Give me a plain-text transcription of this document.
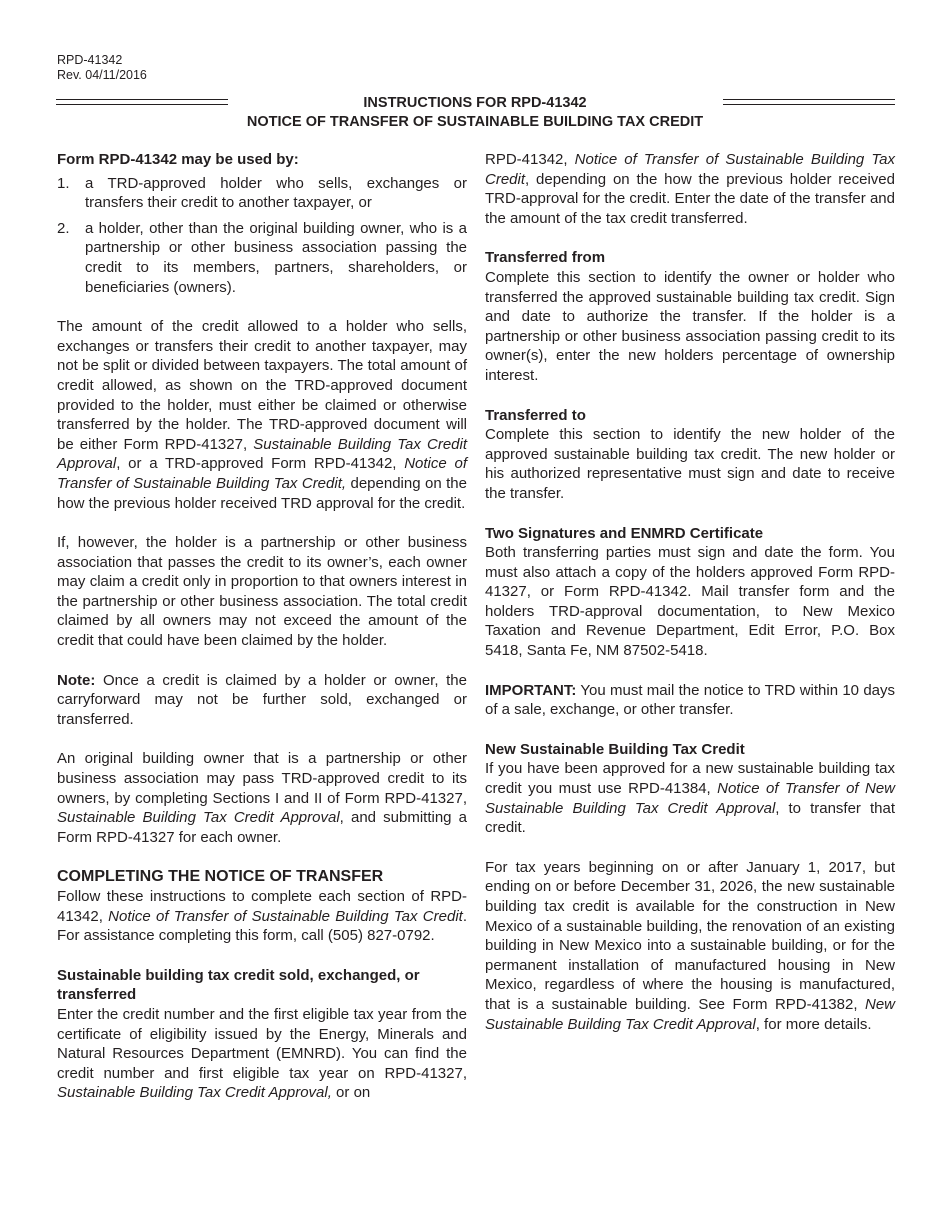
RPD-41342
Rev. 04/11/2016
INSTRUCTIONS FOR RPD-41342
NOTICE OF TRANSFER OF SUSTAINABLE BUILDING TAX CREDIT

Form RPD-41342 may be used by:

1. a TRD-approved holder who sells, exchanges or transfers their credit to another taxpayer, or
2. a holder, other than the original building owner, who is a partnership or other business association passing the credit to its members, partners, shareholders, or beneficiaries (owners).

The amount of the credit allowed to a holder who sells, exchanges or transfers their credit to another taxpayer, may not be split or divided between taxpayers. The total amount of credit allowed, as shown on the TRD-approved document provided to the holder, must either be claimed or otherwise transferred by the holder. The TRD-approved document will be either Form RPD-41327, Sustainable Building Tax Credit Approval, or a TRD-approved Form RPD-41342, Notice of Transfer of Sustainable Building Tax Credit, depending on the how the previous holder received TRD approval for the credit.

If, however, the holder is a partnership or other business association that passes the credit to its owner’s, each owner may claim a credit only in proportion to that owners interest in the partnership or other business association. The total credit claimed by all owners may not exceed the amount of the credit that could have been claimed by the holder.

Note: Once a credit is claimed by a holder or owner, the carryforward may not be further sold, exchanged or transferred.

An original building owner that is a partnership or other business association may pass TRD-approved credit to its owners, by completing Sections I and II of Form RPD-41327, Sustainable Building Tax Credit Approval, and submitting a Form RPD-41327 for each owner.

COMPLETING THE NOTICE OF TRANSFER

Follow these instructions to complete each section of RPD-41342, Notice of Transfer of Sustainable Building Tax Credit. For assistance completing this form, call (505) 827-0792.

Sustainable building tax credit sold, exchanged, or transferred

Enter the credit number and the first eligible tax year from the certificate of eligibility issued by the Energy, Minerals and Natural Resources Department (EMNRD). You can find the credit number and first eligible tax year on RPD-41327, Sustainable Building Tax Credit Approval, or on

RPD-41342, Notice of Transfer of Sustainable Building Tax Credit, depending on the how the previous holder received TRD-approval for the credit. Enter the date of the transfer and the amount of the tax credit transferred.

Transferred from

Complete this section to identify the owner or holder who transferred the approved sustainable building tax credit. Sign and date to authorize the transfer. If the holder is a partnership or other business association passing credit to its owner(s), enter the new holders percentage of ownership interest.

Transferred to

Complete this section to identify the new holder of the approved sustainable building tax credit. The new holder or his authorized representative must sign and date to receive the transfer.

Two Signatures and ENMRD Certificate

Both transferring parties must sign and date the form. You must also attach a copy of the holders approved Form RPD-41327, or Form RPD-41342. Mail transfer form and the holders TRD-approval documentation, to New Mexico Taxation and Revenue Department, Edit Error, P.O. Box 5418, Santa Fe, NM 87502-5418.

IMPORTANT: You must mail the notice to TRD within 10 days of a sale, exchange, or other transfer.

New Sustainable Building Tax Credit

If you have been approved for a new sustainable building tax credit you must use RPD-41384, Notice of Transfer of New Sustainable Building Tax Credit Approval, to transfer that credit.

For tax years beginning on or after January 1, 2017, but ending on or before December 31, 2026, the new sustainable building tax credit is available for the construction in New Mexico of a sustainable building, the renovation of an existing building in New Mexico into a sustainable building, or for the permanent installation of manufactured housing in New Mexico, regardless of where the housing is manufactured, that is a sustainable building. See Form RPD-41382, New Sustainable Building Tax Credit Approval, for more details.
